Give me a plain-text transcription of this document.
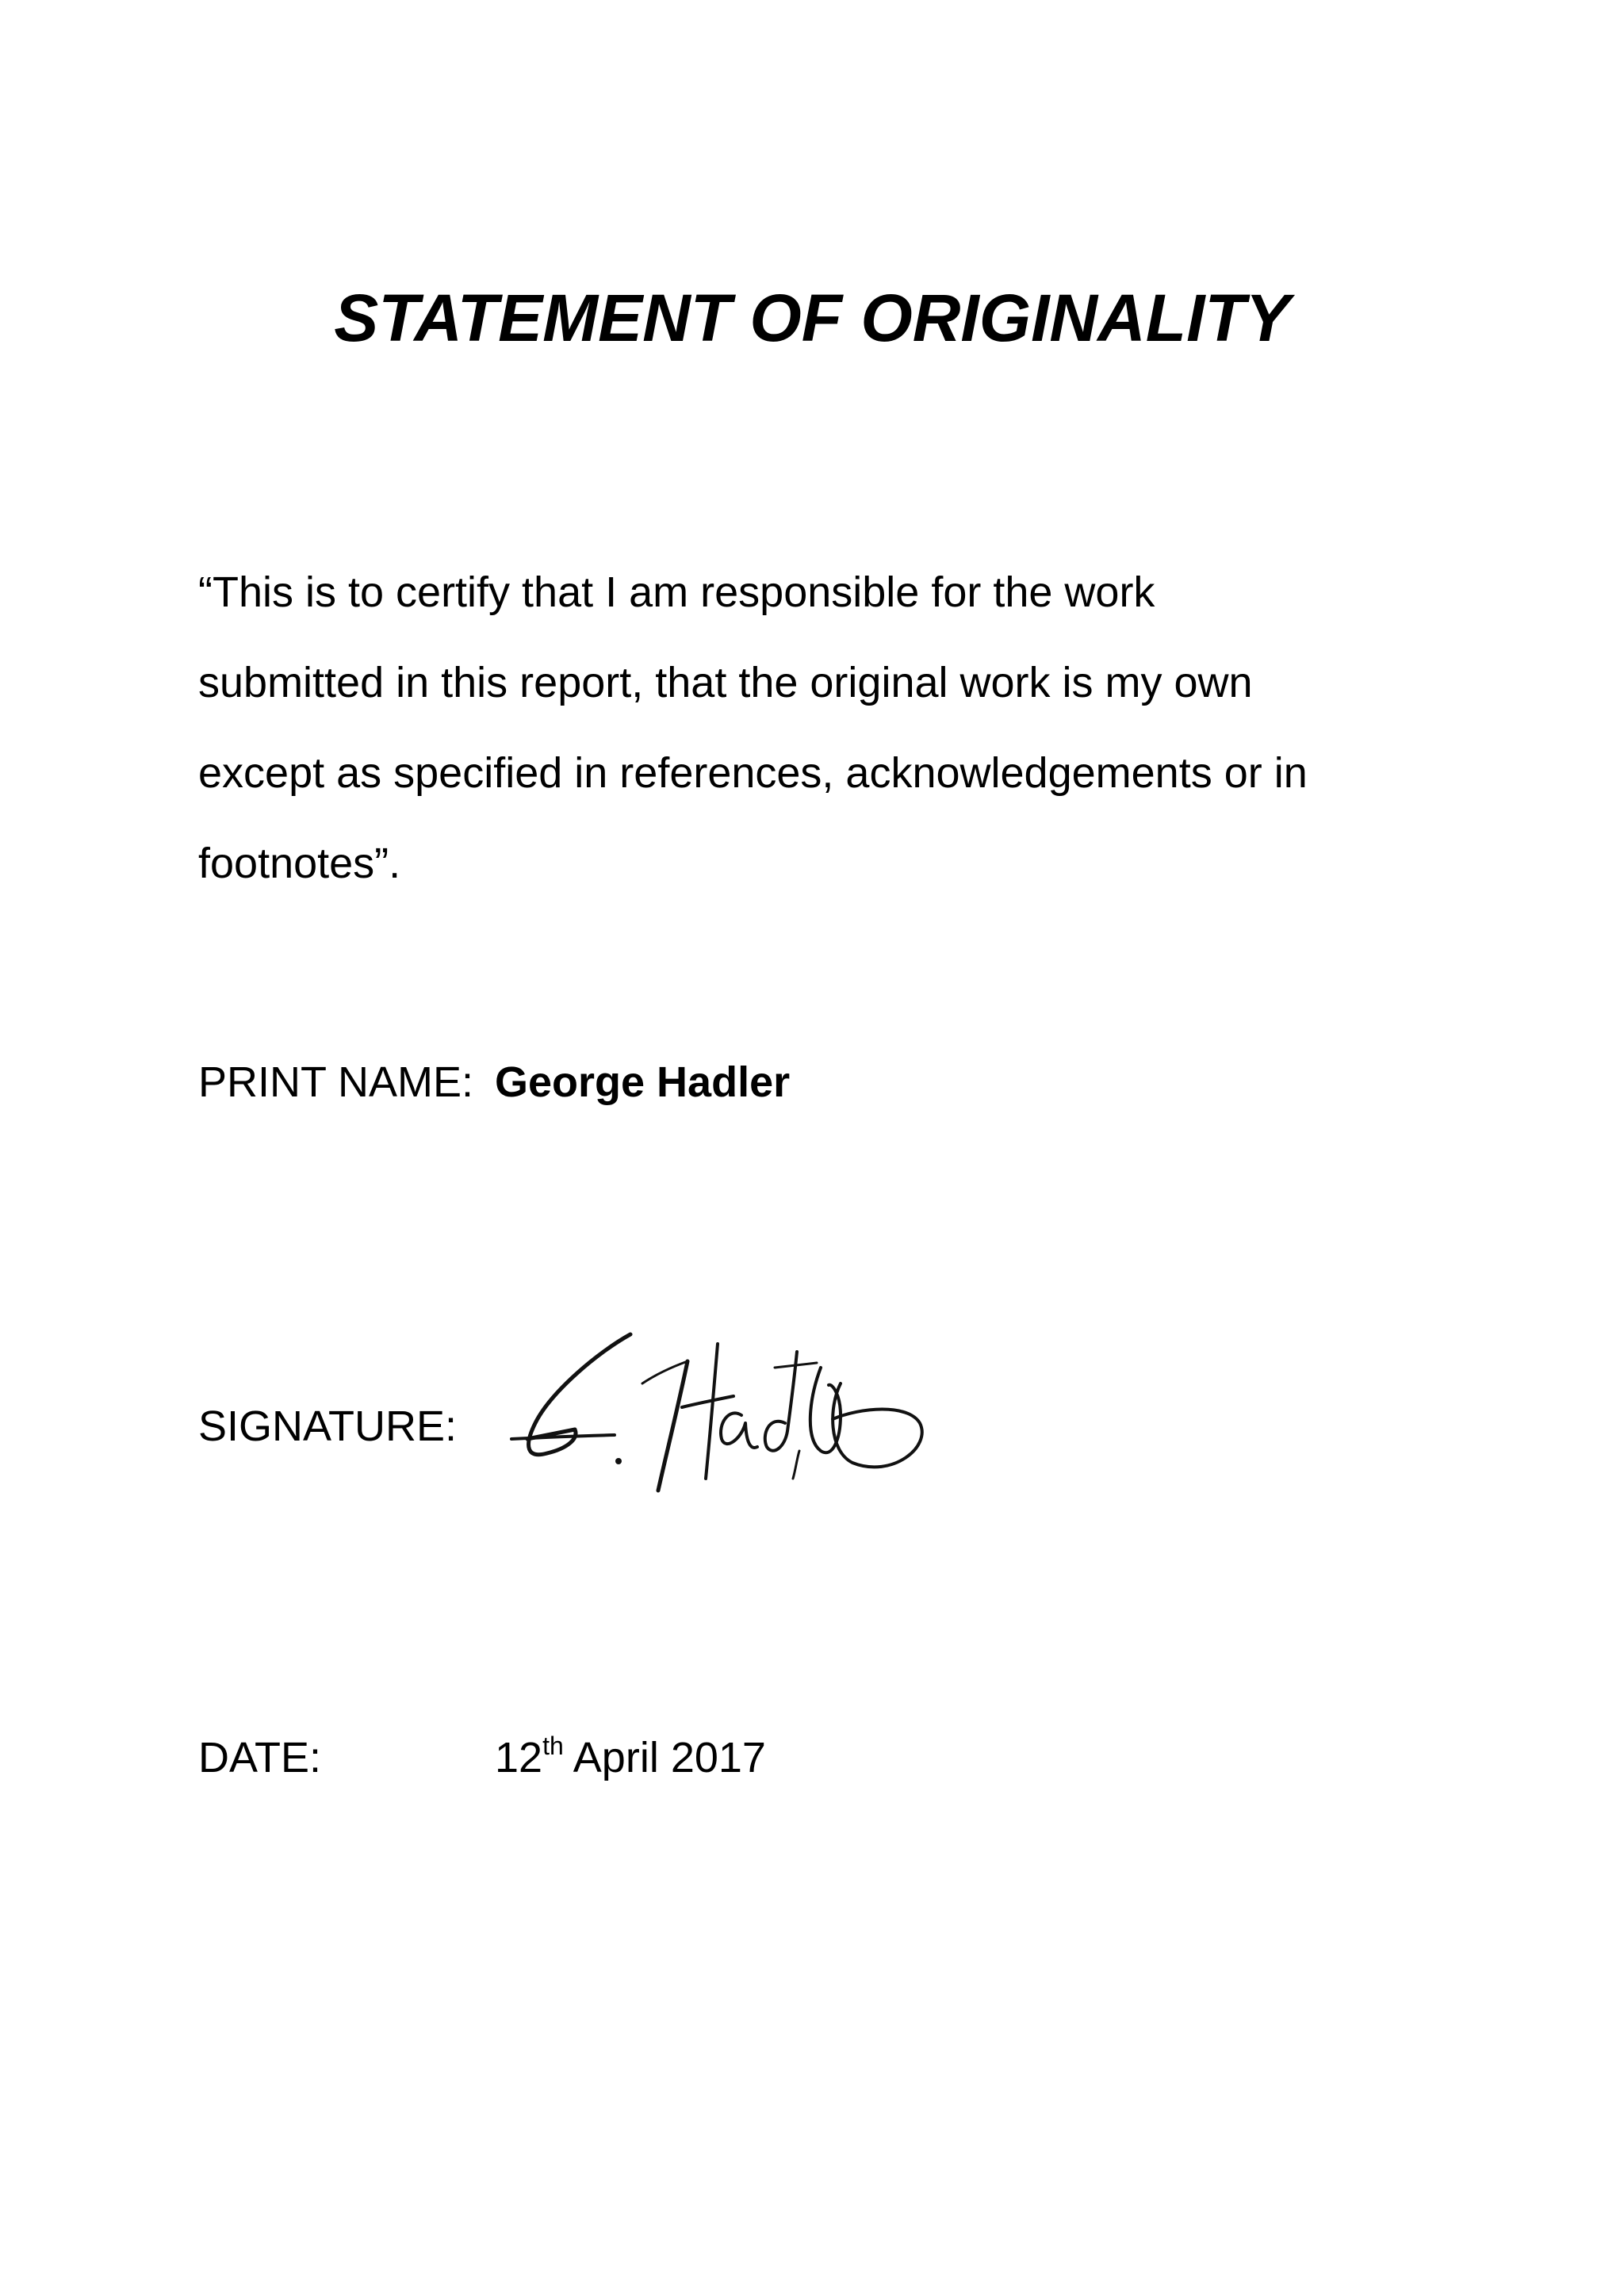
STATEMENT OF ORIGINALITY

“This is to certify that I am responsible for the work
submitted in this report, that the original work is my own
except as specified in references, acknowledgements or in
footnotes”.

PRINT NAME: George Hadler
SIGNATURE:
DATE:	12th April 2017
